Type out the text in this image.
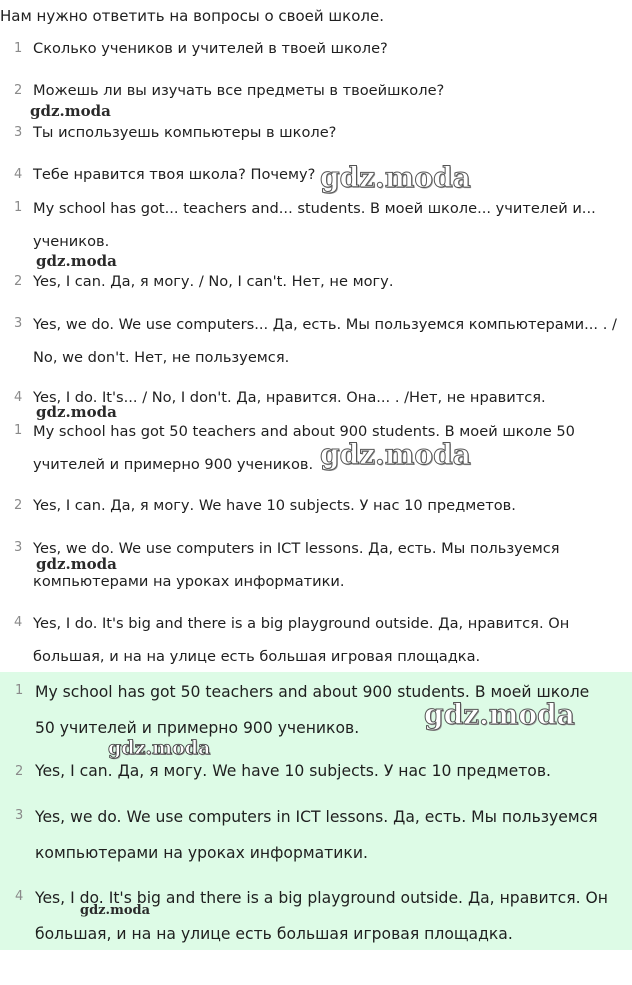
Нам нужно ответить на вопросы о своей школе.
1 Сколько учеников и учителей в твоей школе?
2 Можешь ли вы изучать все предметы в твоейшколе?
3 Ты используешь компьютеры в школе?
4 Тебе нравится твоя школа? Почему?
1 My school has got... teachers and... students. В моей школе... учителей и...
учеников.
2 Yes, I can. Да, я могу. / No, I can't. Нет, не могу.
3 Yes, we do. We use computers... Да, есть. Мы пользуемся компьютерами... . /
No, we don't. Нет, не пользуемся.
4 Yes, I do. It's... / No, I don't. Да, нравится. Она... . /Нет, не нравится.
1 My school has got 50 teachers and about 900 students. В моей школе 50
учителей и примерно 900 учеников.
2 Yes, I can. Да, я могу. We have 10 subjects. У нас 10 предметов.
3 Yes, we do. We use computers in ICT lessons. Да, есть. Мы пользуемся
компьютерами на уроках информатики.
4 Yes, I do. It's big and there is a big playground outside. Да, нравится. Он
большая, и на на улице есть большая игровая площадка.
1 My school has got 50 teachers and about 900 students. В моей школе
50 учителей и примерно 900 учеников.
2 Yes, I can. Да, я могу. We have 10 subjects. У нас 10 предметов.
3 Yes, we do. We use computers in ICT lessons. Да, есть. Мы пользуемся
компьютерами на уроках информатики.
4 Yes, I do. It's big and there is a big playground outside. Да, нравится. Он
большая, и на на улице есть большая игровая площадка.
gdz.moda
gdz.moda
gdz.moda
gdz.moda
gdz.moda
gdz.moda
gdz.moda
gdz.moda
gdz.moda
